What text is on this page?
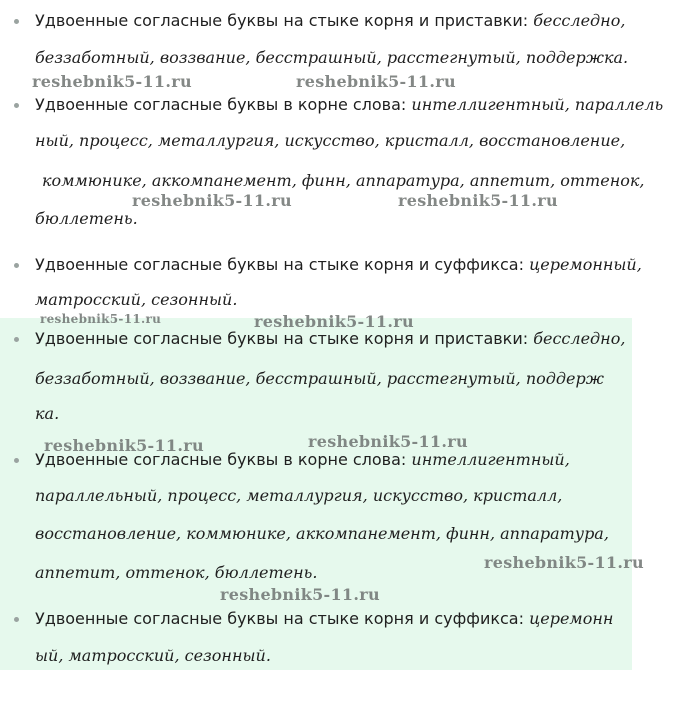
Удвоенные согласные буквы на стыке корня и приставки: бесследно,
беззаботный, воззвание, бесстрашный, расстегнутый, поддержка.
Удвоенные согласные буквы в корне слова: интеллигентный, параллель
ный, процесс, металлургия, искусство, кристалл, восстановление,
коммюнике, аккомпанемент, финн, аппаратура, аппетит, оттенок,
бюллетень.
Удвоенные согласные буквы на стыке корня и суффикса: церемонный,
матросский, сезонный.
Удвоенные согласные буквы на стыке корня и приставки: бесследно,
беззаботный, воззвание, бесстрашный, расстегнутый, поддерж
ка.
Удвоенные согласные буквы в корне слова: интеллигентный,
параллельный, процесс, металлургия, искусство, кристалл,
восстановление, коммюнике, аккомпанемент, финн, аппаратура,
аппетит, оттенок, бюллетень.
Удвоенные согласные буквы на стыке корня и суффикса: церемонн
ый, матросский, сезонный.
reshebnik5-11.ru	reshebnik5-11.ru
reshebnik5-11.ru	reshebnik5-11.ru
reshebnik5-11.ru	reshebnik5-11.ru
reshebnik5-11.ru	reshebnik5-11.ru
reshebnik5-11.ru
reshebnik5-11.ru
